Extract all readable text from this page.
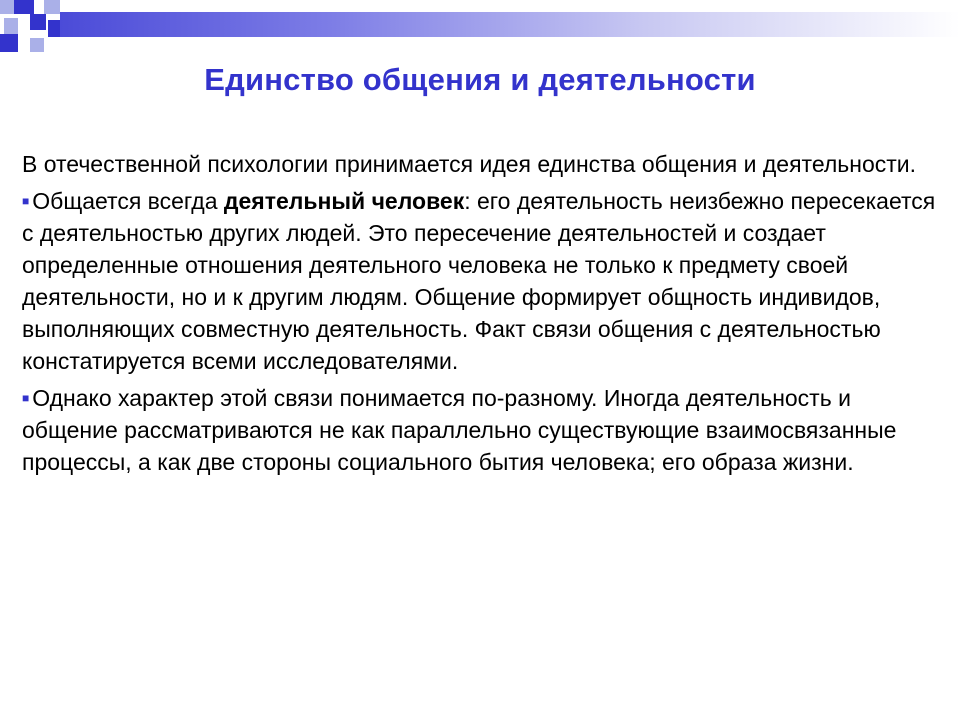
Единство общения и деятельности

В отечественной психологии принимается идея единства общения и деятельности.

■ Общается всегда деятельный человек: его деятельность неизбежно пересекается с деятельностью других людей. Это пересечение деятельностей и создает определенные отношения деятельного человека не только к предмету своей деятельности, но и к другим людям. Общение формирует общность индивидов, выполняющих совместную деятельность. Факт связи общения с деятельностью констатируется всеми исследователями.

■ Однако характер этой связи понимается по-разному. Иногда деятельность и общение рассматриваются не как параллельно существующие взаимосвязанные процессы, а как две стороны социального бытия человека; его образа жизни.
